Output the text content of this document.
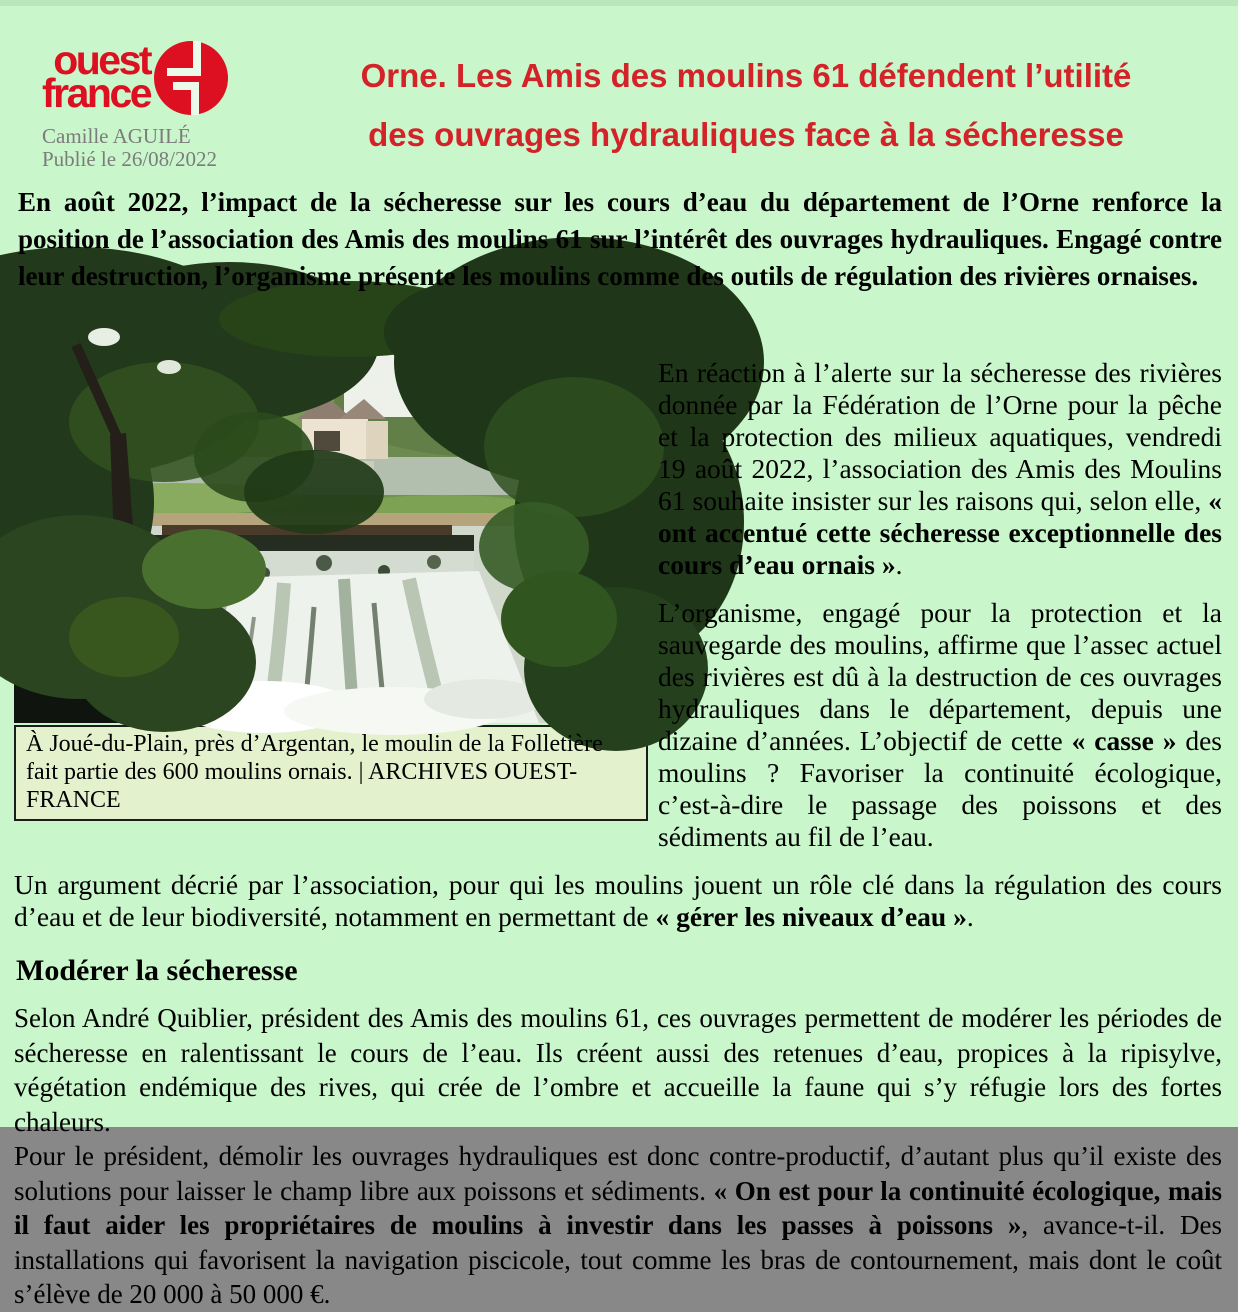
ouest
france
Camille AGUILÉ
Publié le 26/08/2022
Orne. Les Amis des moulins 61 défendent l’utilité
des ouvrages hydrauliques face à la sécheresse

En août 2022, l’impact de la sécheresse sur les cours d’eau du département de l’Orne renforce la position de l’association des Amis des moulins 61 sur l’intérêt des ouvrages hydrauliques. Engagé contre leur destruction, l’organisme présente les moulins comme des outils de régulation des rivières ornaises.

À Joué-du-Plain, près d’Argentan, le moulin de la Folletière fait partie des 600 moulins ornais. | ARCHIVES OUEST-FRANCE

En réaction à l’alerte sur la sécheresse des rivières donnée par la Fédération de l’Orne pour la pêche et la protection des milieux aquatiques, vendredi 19 août 2022, l’association des Amis des Moulins 61 souhaite insister sur les raisons qui, selon elle, « ont accentué cette sécheresse exceptionnelle des cours d’eau ornais ».

L’organisme, engagé pour la protection et la sauvegarde des moulins, affirme que l’assec actuel des rivières est dû à la destruction de ces ouvrages hydrauliques dans le département, depuis une dizaine d’années. L’objectif de cette « casse » des moulins ? Favoriser la continuité écologique, c’est-à-dire le passage des poissons et des sédiments au fil de l’eau.

Un argument décrié par l’association, pour qui les moulins jouent un rôle clé dans la régulation des cours d’eau et de leur biodiversité, notamment en permettant de « gérer les niveaux d’eau ».

Modérer la sécheresse

Selon André Quiblier, président des Amis des moulins 61, ces ouvrages permettent de modérer les périodes de sécheresse en ralentissant le cours de l’eau. Ils créent aussi des retenues d’eau, propices à la ripisylve, végétation endémique des rives, qui crée de l’ombre et accueille la faune qui s’y réfugie lors des fortes chaleurs.

Pour le président, démolir les ouvrages hydrauliques est donc contre-productif, d’autant plus qu’il existe des solutions pour laisser le champ libre aux poissons et sédiments. « On est pour la continuité écologique, mais il faut aider les propriétaires de moulins à investir dans les passes à poissons », avance-t-il. Des installations qui favorisent la navigation piscicole, tout comme les bras de contournement, mais dont le coût s’élève de 20 000 à 50 000 €.
